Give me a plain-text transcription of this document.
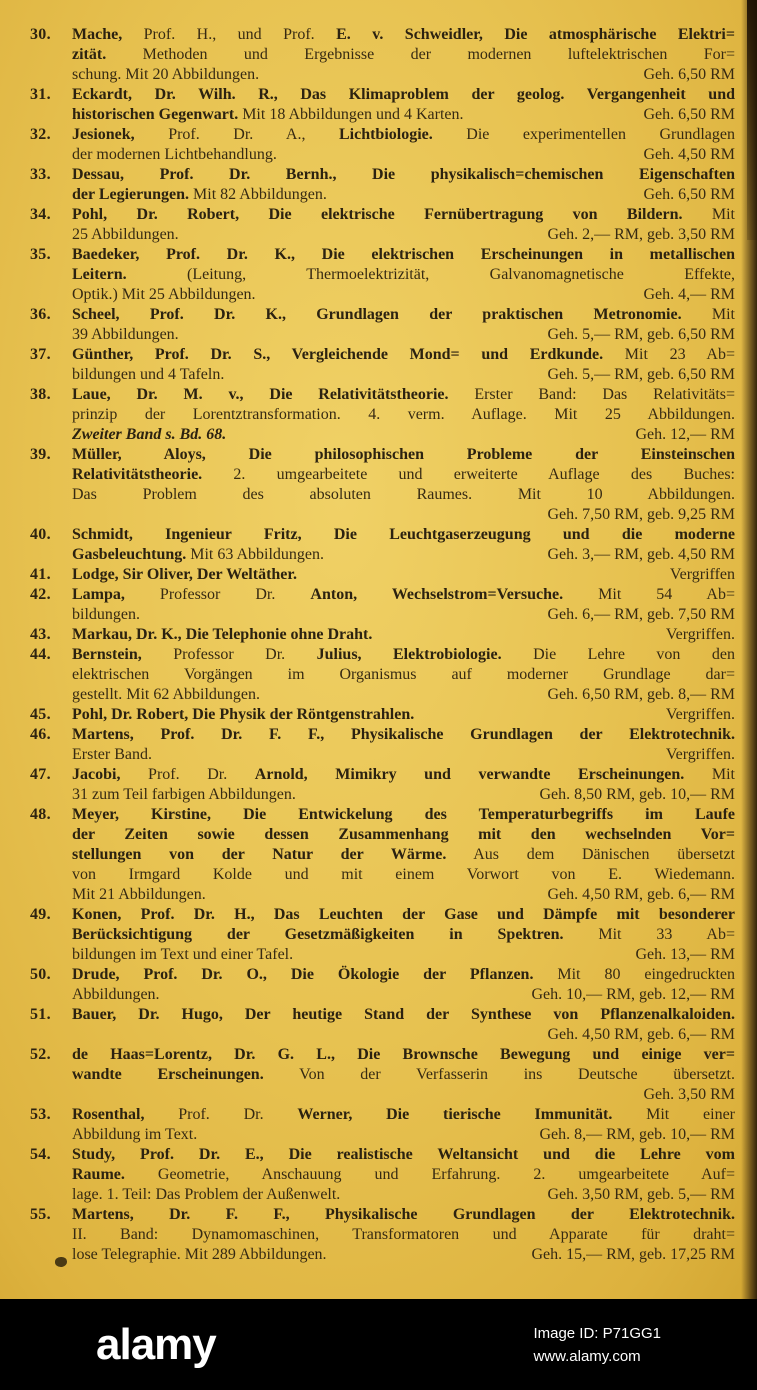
30.	Mache, Prof. H., und Prof. E. v. Schweidler, Die atmosphärische Elektri=
zität. Methoden und Ergebnisse der modernen luftelektrischen For=
schung. Mit 20 Abbildungen.	Geh. 6,50 RM
31.	Eckardt, Dr. Wilh. R., Das Klimaproblem der geolog. Vergangenheit und
historischen Gegenwart. Mit 18 Abbildungen und 4 Karten.	Geh. 6,50 RM
32.	Jesionek, Prof. Dr. A., Lichtbiologie. Die experimentellen Grundlagen
der modernen Lichtbehandlung.	Geh. 4,50 RM
33.	Dessau, Prof. Dr. Bernh., Die physikalisch=chemischen Eigenschaften
der Legierungen. Mit 82 Abbildungen.	Geh. 6,50 RM
34.	Pohl, Dr. Robert, Die elektrische Fernübertragung von Bildern. Mit
25 Abbildungen.	Geh. 2,— RM, geb. 3,50 RM
35.	Baedeker, Prof. Dr. K., Die elektrischen Erscheinungen in metallischen
Leitern. (Leitung, Thermoelektrizität, Galvanomagnetische Effekte,
Optik.) Mit 25 Abbildungen.	Geh. 4,— RM
36.	Scheel, Prof. Dr. K., Grundlagen der praktischen Metronomie. Mit
39 Abbildungen.	Geh. 5,— RM, geb. 6,50 RM
37.	Günther, Prof. Dr. S., Vergleichende Mond= und Erdkunde. Mit 23 Ab=
bildungen und 4 Tafeln.	Geh. 5,— RM, geb. 6,50 RM
38.	Laue, Dr. M. v., Die Relativitätstheorie. Erster Band: Das Relativitäts=
prinzip der Lorentztransformation. 4. verm. Auflage. Mit 25 Abbildungen.
Zweiter Band s. Bd. 68.	Geh. 12,— RM
39.	Müller, Aloys, Die philosophischen Probleme der Einsteinschen
Relativitätstheorie. 2. umgearbeitete und erweiterte Auflage des Buches:
Das Problem des absoluten Raumes. Mit 10 Abbildungen.
Geh. 7,50 RM, geb. 9,25 RM
40.	Schmidt, Ingenieur Fritz, Die Leuchtgaserzeugung und die moderne
Gasbeleuchtung. Mit 63 Abbildungen.	Geh. 3,— RM, geb. 4,50 RM
41.	Lodge, Sir Oliver, Der Weltäther.	Vergriffen
42.	Lampa, Professor Dr. Anton, Wechselstrom=Versuche. Mit 54 Ab=
bildungen.	Geh. 6,— RM, geb. 7,50 RM
43.	Markau, Dr. K., Die Telephonie ohne Draht.	Vergriffen.
44.	Bernstein, Professor Dr. Julius, Elektrobiologie. Die Lehre von den
elektrischen Vorgängen im Organismus auf moderner Grundlage dar=
gestellt. Mit 62 Abbildungen.	Geh. 6,50 RM, geb. 8,— RM
45.	Pohl, Dr. Robert, Die Physik der Röntgenstrahlen.	Vergriffen.
46.	Martens, Prof. Dr. F. F., Physikalische Grundlagen der Elektrotechnik.
Erster Band.	Vergriffen.
47.	Jacobi, Prof. Dr. Arnold, Mimikry und verwandte Erscheinungen. Mit
31 zum Teil farbigen Abbildungen.	Geh. 8,50 RM, geb. 10,— RM
48.	Meyer, Kirstine, Die Entwickelung des Temperaturbegriffs im Laufe
der Zeiten sowie dessen Zusammenhang mit den wechselnden Vor=
stellungen von der Natur der Wärme. Aus dem Dänischen übersetzt
von Irmgard Kolde und mit einem Vorwort von E. Wiedemann.
Mit 21 Abbildungen.	Geh. 4,50 RM, geb. 6,— RM
49.	Konen, Prof. Dr. H., Das Leuchten der Gase und Dämpfe mit besonderer
Berücksichtigung der Gesetzmäßigkeiten in Spektren. Mit 33 Ab=
bildungen im Text und einer Tafel.	Geh. 13,— RM
50.	Drude, Prof. Dr. O., Die Ökologie der Pflanzen. Mit 80 eingedruckten
Abbildungen.	Geh. 10,— RM, geb. 12,— RM
51.	Bauer, Dr. Hugo, Der heutige Stand der Synthese von Pflanzenalkaloiden.
Geh. 4,50 RM, geb. 6,— RM
52.	de Haas=Lorentz, Dr. G. L., Die Brownsche Bewegung und einige ver=
wandte Erscheinungen. Von der Verfasserin ins Deutsche übersetzt.
Geh. 3,50 RM
53.	Rosenthal, Prof. Dr. Werner, Die tierische Immunität. Mit einer
Abbildung im Text.	Geh. 8,— RM, geb. 10,— RM
54.	Study, Prof. Dr. E., Die realistische Weltansicht und die Lehre vom
Raume. Geometrie, Anschauung und Erfahrung. 2. umgearbeitete Auf=
lage. 1. Teil: Das Problem der Außenwelt.	Geh. 3,50 RM, geb. 5,— RM
55.	Martens, Dr. F. F., Physikalische Grundlagen der Elektrotechnik.
II. Band: Dynamomaschinen, Transformatoren und Apparate für draht=
lose Telegraphie. Mit 289 Abbildungen.	Geh. 15,— RM, geb. 17,25 RM
alamy	Image ID: P71GG1
www.alamy.com
